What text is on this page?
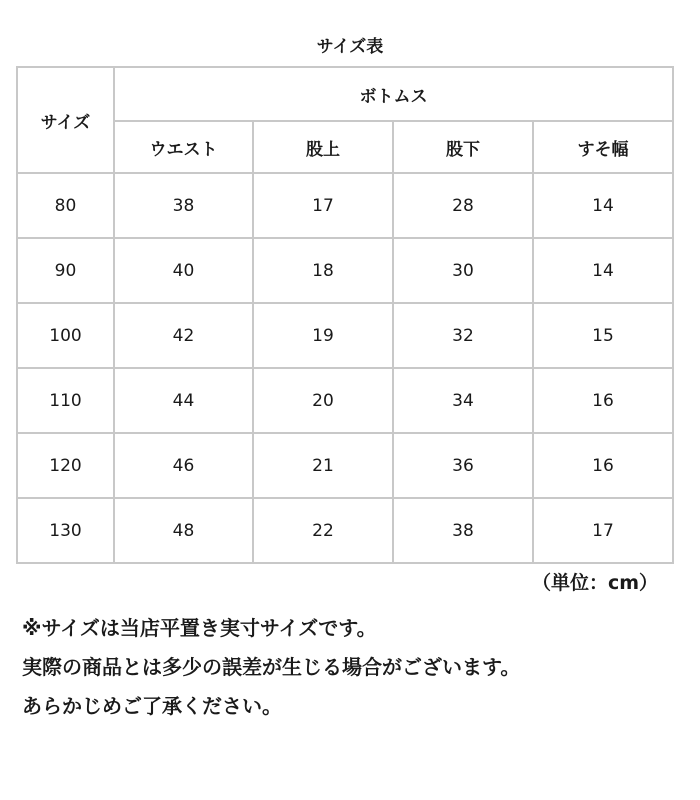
サイズ表
サイズ	ボトムス			
	ウエスト	股上	股下	すそ幅
80	38	17	28	14
90	40	18	30	14
100	42	19	32	15
110	44	20	34	16
120	46	21	36	16
130	48	22	38	17
（単位：cm）
※サイズは当店平置き実寸サイズです。
実際の商品とは多少の誤差が生じる場合がございます。
あらかじめご了承ください。
